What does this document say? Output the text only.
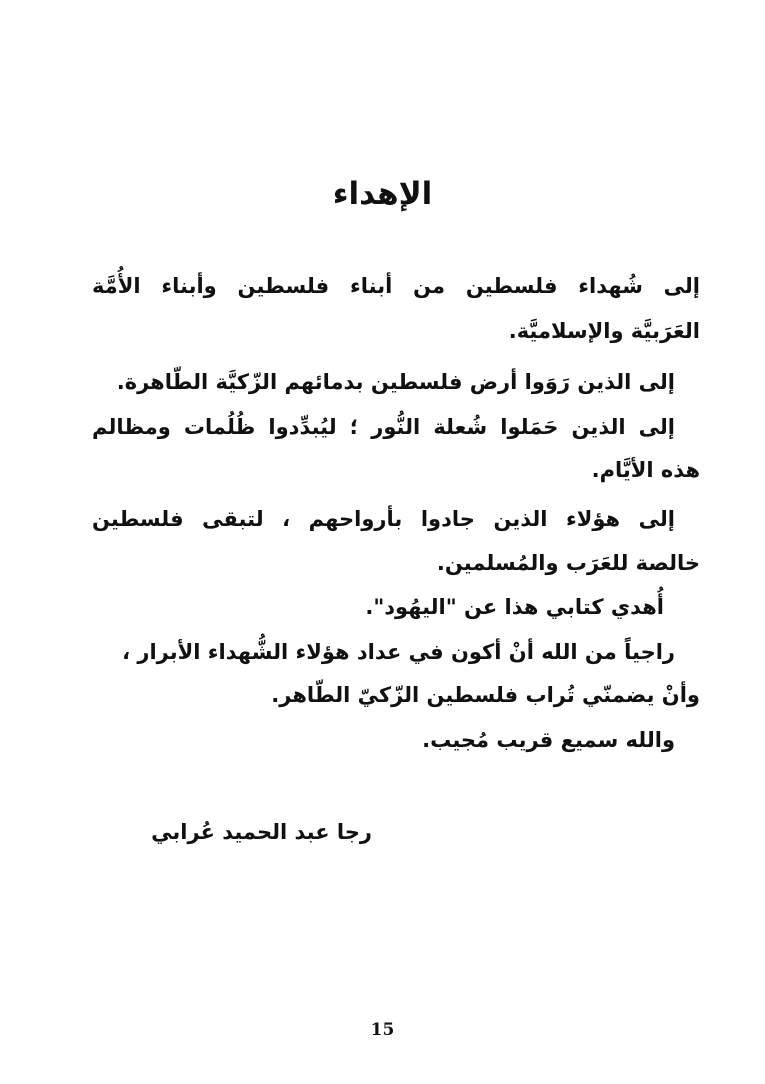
الإهداء
إلى شُهداء فلسطين من أبناء فلسطين وأبناء الأُمَّة
العَرَبيَّة والإسلاميَّة.
إلى الذين رَوَوا أرض فلسطين بدمائهم الزّكيَّة الطّاهرة.
إلى الذين حَمَلوا شُعلة النُّور ؛ ليُبدِّدوا ظُلُمات ومظالم
هذه الأيَّام.
إلى هؤلاء الذين جادوا بأرواحهم ، لتبقى فلسطين
خالصة للعَرَب والمُسلمين.
أُهدي كتابي هذا عن "اليهُود".
راجياً من الله أنْ أكون في عداد هؤلاء الشُّهداء الأبرار ،
وأنْ يضمنّي تُراب فلسطين الزّكيّ الطّاهر.
والله سميع قريب مُجيب.
رجا عبد الحميد عُرابي
15
